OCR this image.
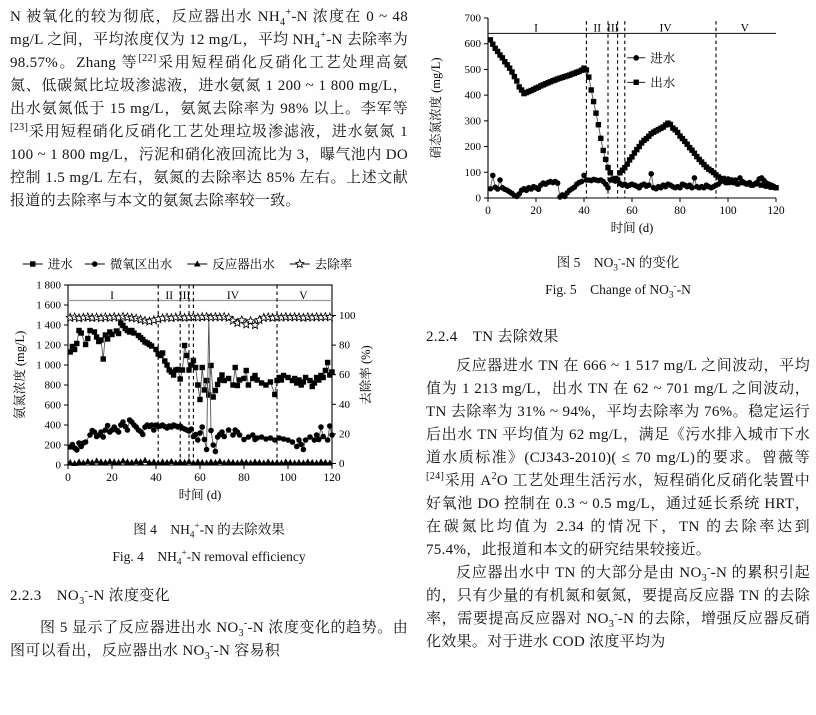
N 被氧化的较为彻底，反应器出水 $NH_4^+-N$ 浓度在 0 ~ 48 mg/L 之间，平均浓度仅为 12 mg/L，平均 $NH_4^+-N$ 去除率为 98.57%。Zhang 等[22]采用短程硝化反硝化工艺处理高氨氮、低碳氮比垃圾渗滤液，进水氨氮 1 200 ~ 1 800 mg/L，出水氨氮低于 15 mg/L，氨氮去除率为 98% 以上。李军等[23]采用短程硝化反硝化工艺处理垃圾渗滤液，进水氨氮 1 100 ~ 1 800 mg/L，污泥和硝化液回流比为 3，曝气池内 DO 控制 1.5 mg/L 左右，氨氮的去除率达 85% 左右。上述文献报道的去除率与本文的氨氮去除率较一致。

I	II III	IV	V
0
200
400
600
800
1 000
1 200
1 400
1 600
1 800
0
20
40
60
80
100
0	20	40	60	80	100 120
氨氮浓度 (mg/L)	去除率 (%)
时间 (d)
进水	微氧区出水	反应器出水	去除率
图 4　$NH_4^+-N$ 的去除效果
Fig. 4　$NH_4^+-N$ removal efficiency
2.2.3　$NO_3^--N$ 浓度变化

图 5 显示了反应器进出水 $NO_3^--N$ 浓度变化的趋势。由图可以看出，反应器出水 $NO_3^--N$ 容易积

I	II III	IV	V
0
100
200
300
400
500
600
700
0	20	40	60	80	100	120
硝态氮浓度 (mg/L)
时间 (d)
进水
出水
图 5　$NO_3^--N$ 的变化
Fig. 5　Change of $NO_3^--N$
2.2.4　TN 去除效果

反应器进水 TN 在 666 ~ 1 517 mg/L 之间波动，平均值为 1 213 mg/L，出水 TN 在 62 ~ 701 mg/L 之间波动，TN 去除率为 31% ~ 94%，平均去除率为 76%。稳定运行后出水 TN 平均值为 62 mg/L，满足《污水排入城市下水道水质标准》(CJ343-2010)( ≤ 70 mg/L)的要求。曾薇等[24]采用 $A^2O$ 工艺处理生活污水，短程硝化反硝化装置中好氧池 DO 控制在 0.3 ~ 0.5 mg/L，通过延长系统 HRT，在碳氮比均值为 2.34 的情况下，TN 的去除率达到 75.4%，此报道和本文的研究结果较接近。

反应器出水中 TN 的大部分是由 $NO_3^--N$ 的累积引起的，只有少量的有机氮和氨氮，要提高反应器 TN 的去除率，需要提高反应器对 $NO_3^--N$ 的去除，增强反应器反硝化效果。对于进水 COD 浓度平均为
